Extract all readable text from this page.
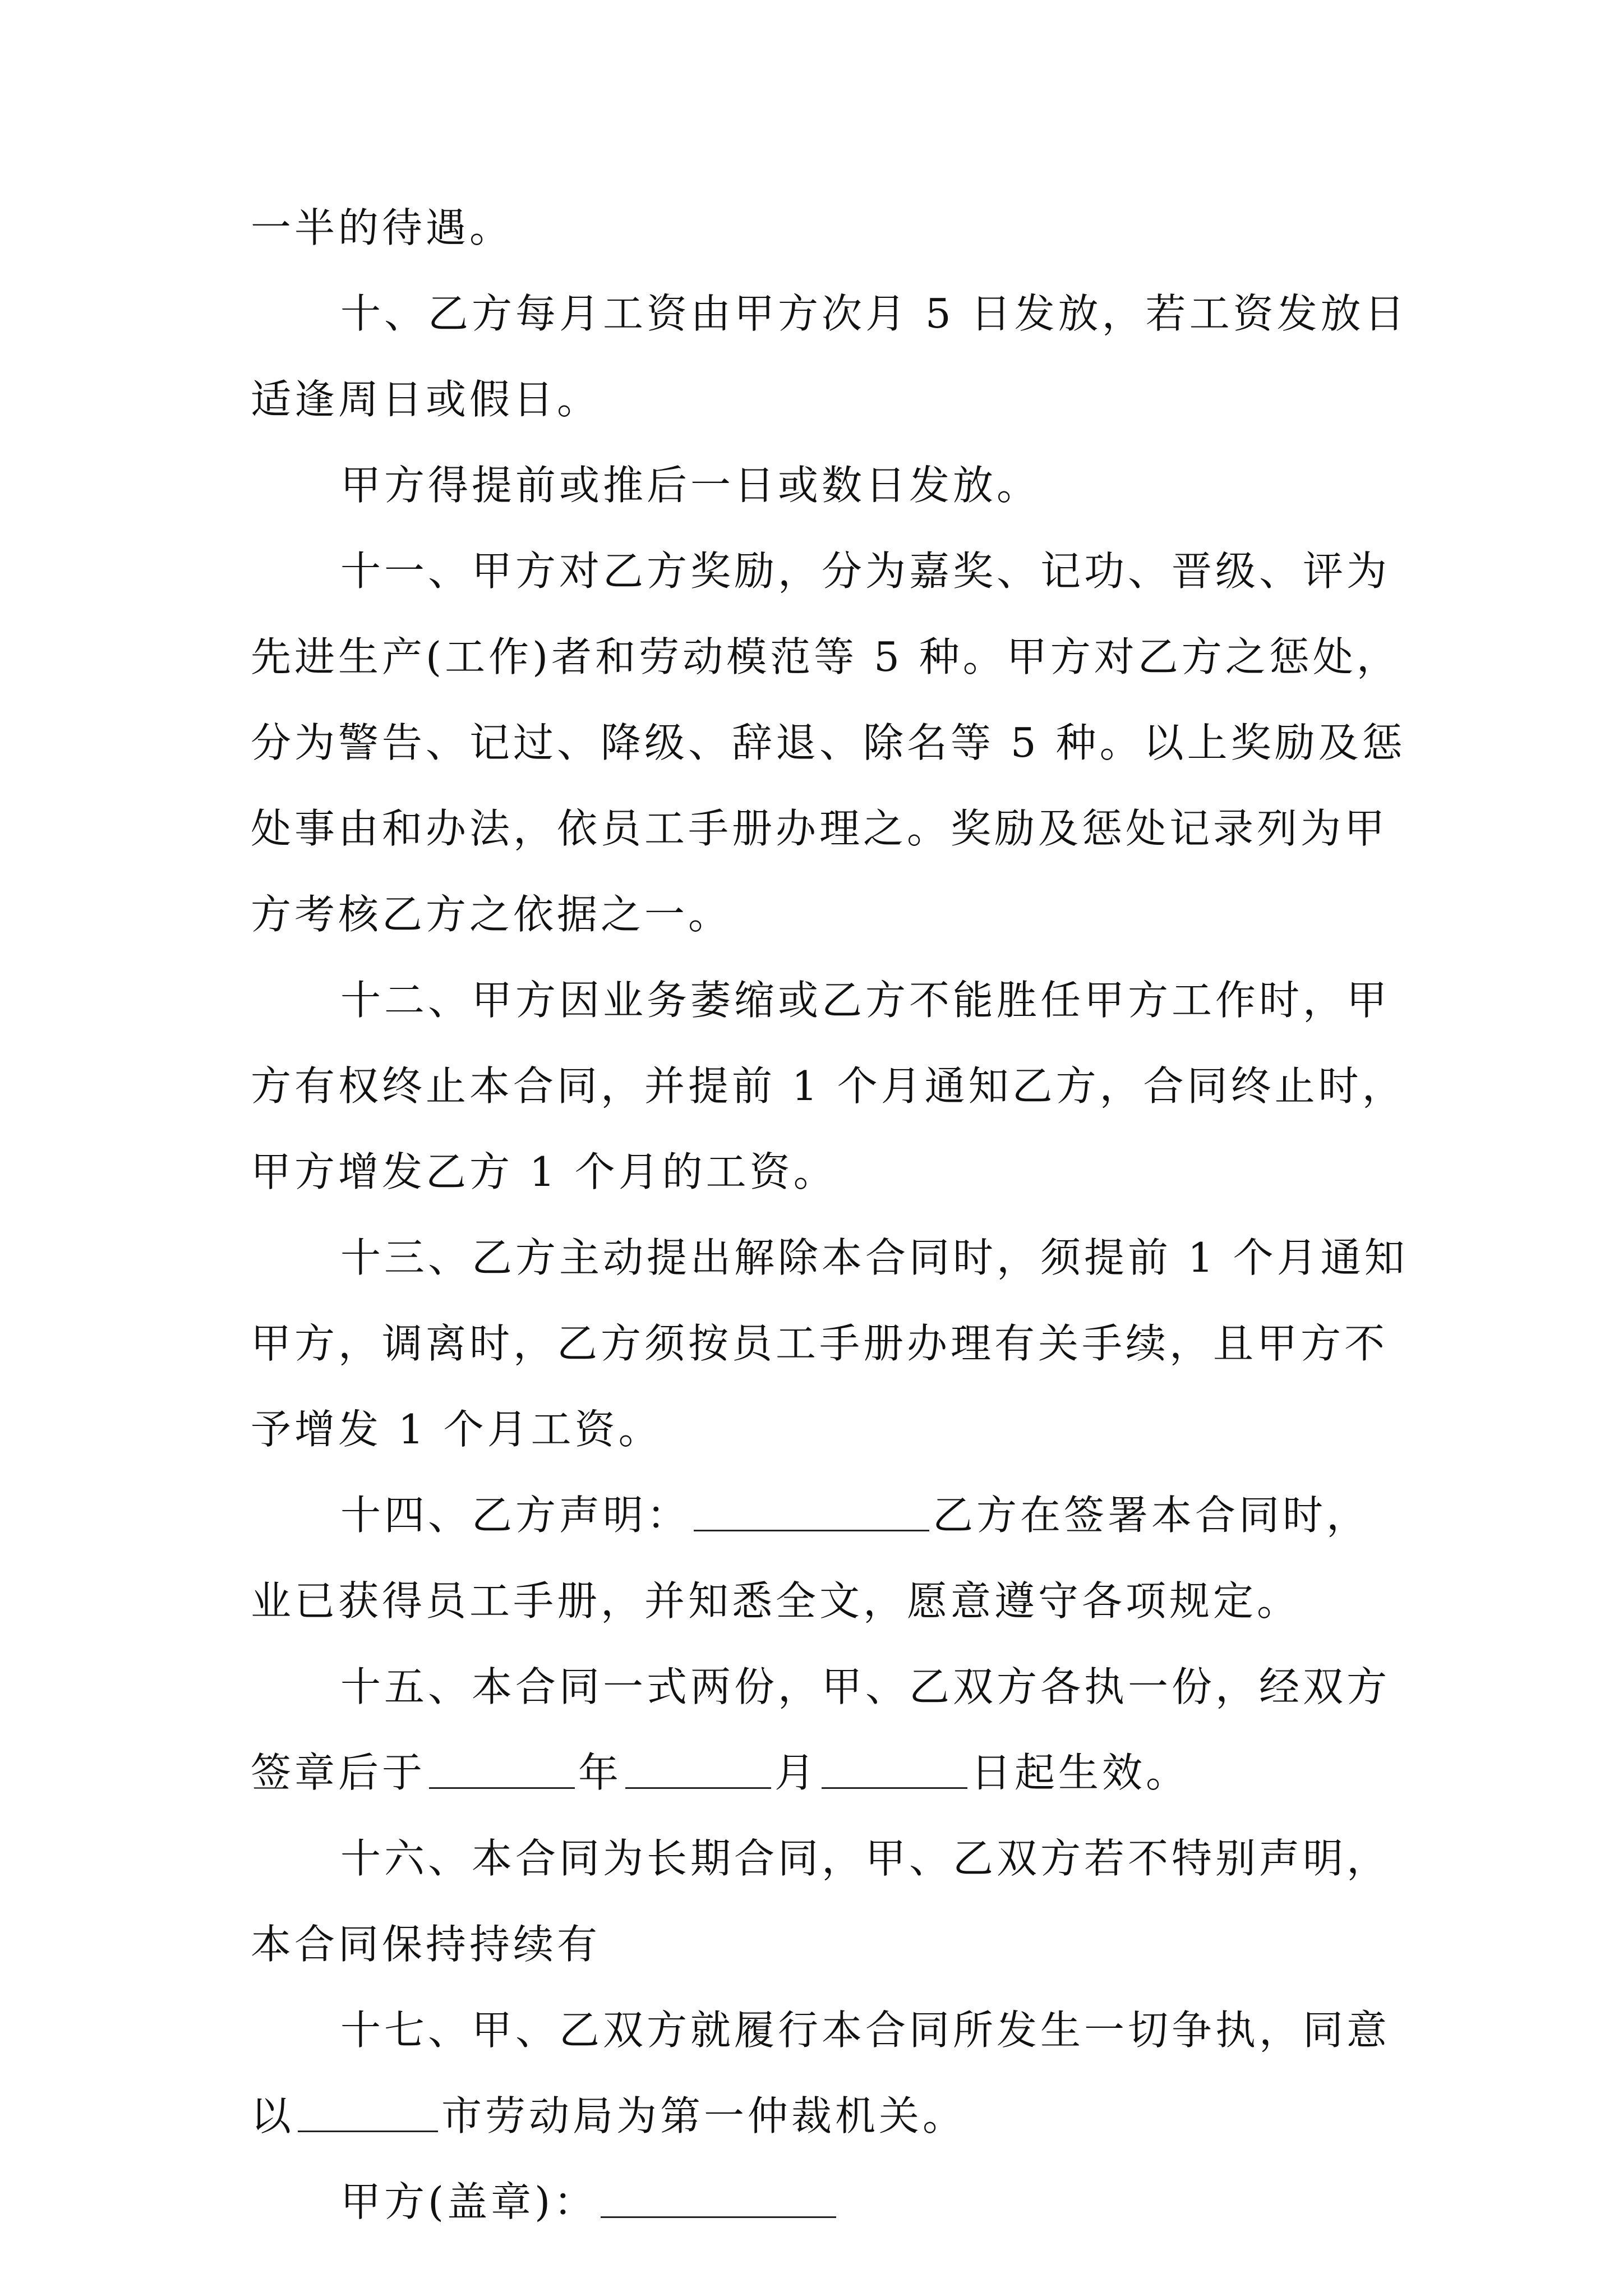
一半的待遇。
十、乙方每月工资由甲方次月 5 日发放，若工资发放日
适逢周日或假日。
甲方得提前或推后一日或数日发放。
十一、甲方对乙方奖励，分为嘉奖、记功、晋级、评为
先进生产(工作)者和劳动模范等 5 种。甲方对乙方之惩处，
分为警告、记过、降级、辞退、除名等 5 种。以上奖励及惩
处事由和办法，依员工手册办理之。奖励及惩处记录列为甲
方考核乙方之依据之一。
十二、甲方因业务萎缩或乙方不能胜任甲方工作时，甲
方有权终止本合同，并提前 1 个月通知乙方，合同终止时，
甲方增发乙方 1 个月的工资。
十三、乙方主动提出解除本合同时，须提前 1 个月通知
甲方，调离时，乙方须按员工手册办理有关手续，且甲方不
予增发 1 个月工资。
十四、乙方声明：	乙方在签署本合同时，
业已获得员工手册，并知悉全文，愿意遵守各项规定。
十五、本合同一式两份，甲、乙双方各执一份，经双方
签章后于	年	月	日起生效。
十六、本合同为长期合同，甲、乙双方若不特别声明，
本合同保持持续有
十七、甲、乙双方就履行本合同所发生一切争执，同意
以	市劳动局为第一仲裁机关。
甲方(盖章)：
